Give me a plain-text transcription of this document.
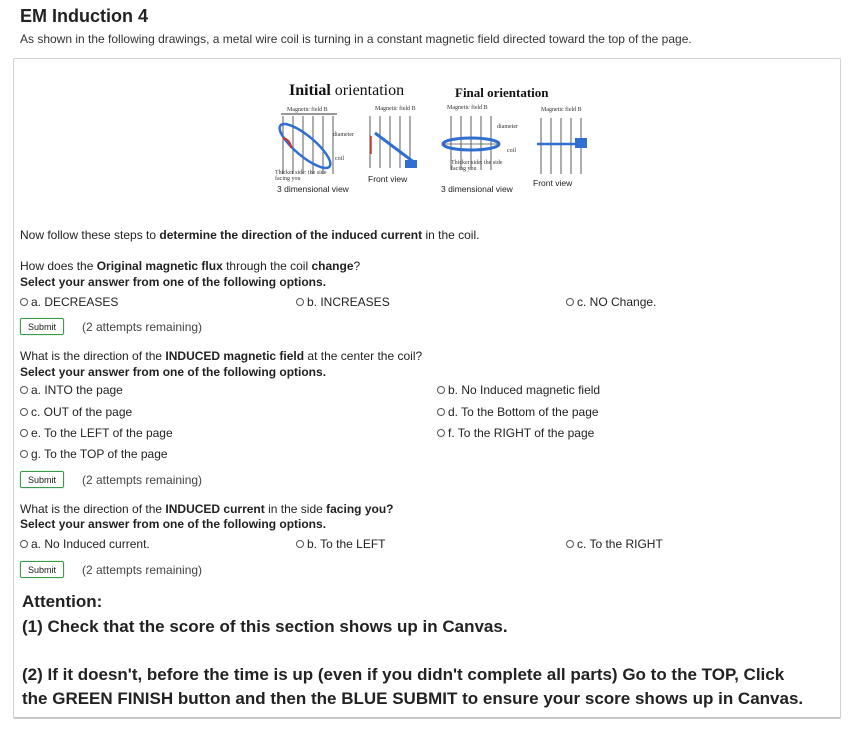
EM Induction 4
As shown in the following drawings, a metal wire coil is turning in a constant magnetic field directed toward the top of the page.
Initial orientation	Final orientation
Magnetic field B	Magnetic field B	Magnetic field B	Magnetic field B
diameter
coil
diameter
coil
Thicker side: the side facing you
Thicker side: the side facing you
3 dimensional view
Front view
3 dimensional view
Front view
Now follow these steps to determine the direction of the induced current in the coil.
How does the Original magnetic flux through the coil change?
Select your answer from one of the following options.
a. DECREASES	b. INCREASES	c. NO Change.
Submit	(2 attempts remaining)
What is the direction of the INDUCED magnetic field at the center the coil?
Select your answer from one of the following options.
a. INTO the page	b. No Induced magnetic field
c. OUT of the page	d. To the Bottom of the page
e. To the LEFT of the page	f. To the RIGHT of the page
g. To the TOP of the page
Submit	(2 attempts remaining)
What is the direction of the INDUCED current in the side facing you?
Select your answer from one of the following options.
a. No Induced current.	b. To the LEFT	c. To the RIGHT
Submit	(2 attempts remaining)
Attention:
(1) Check that the score of this section shows up in Canvas.
(2) If it doesn't, before the time is up (even if you didn't complete all parts) Go to the TOP, Click
the GREEN FINISH button and then the BLUE SUBMIT to ensure your score shows up in Canvas.
